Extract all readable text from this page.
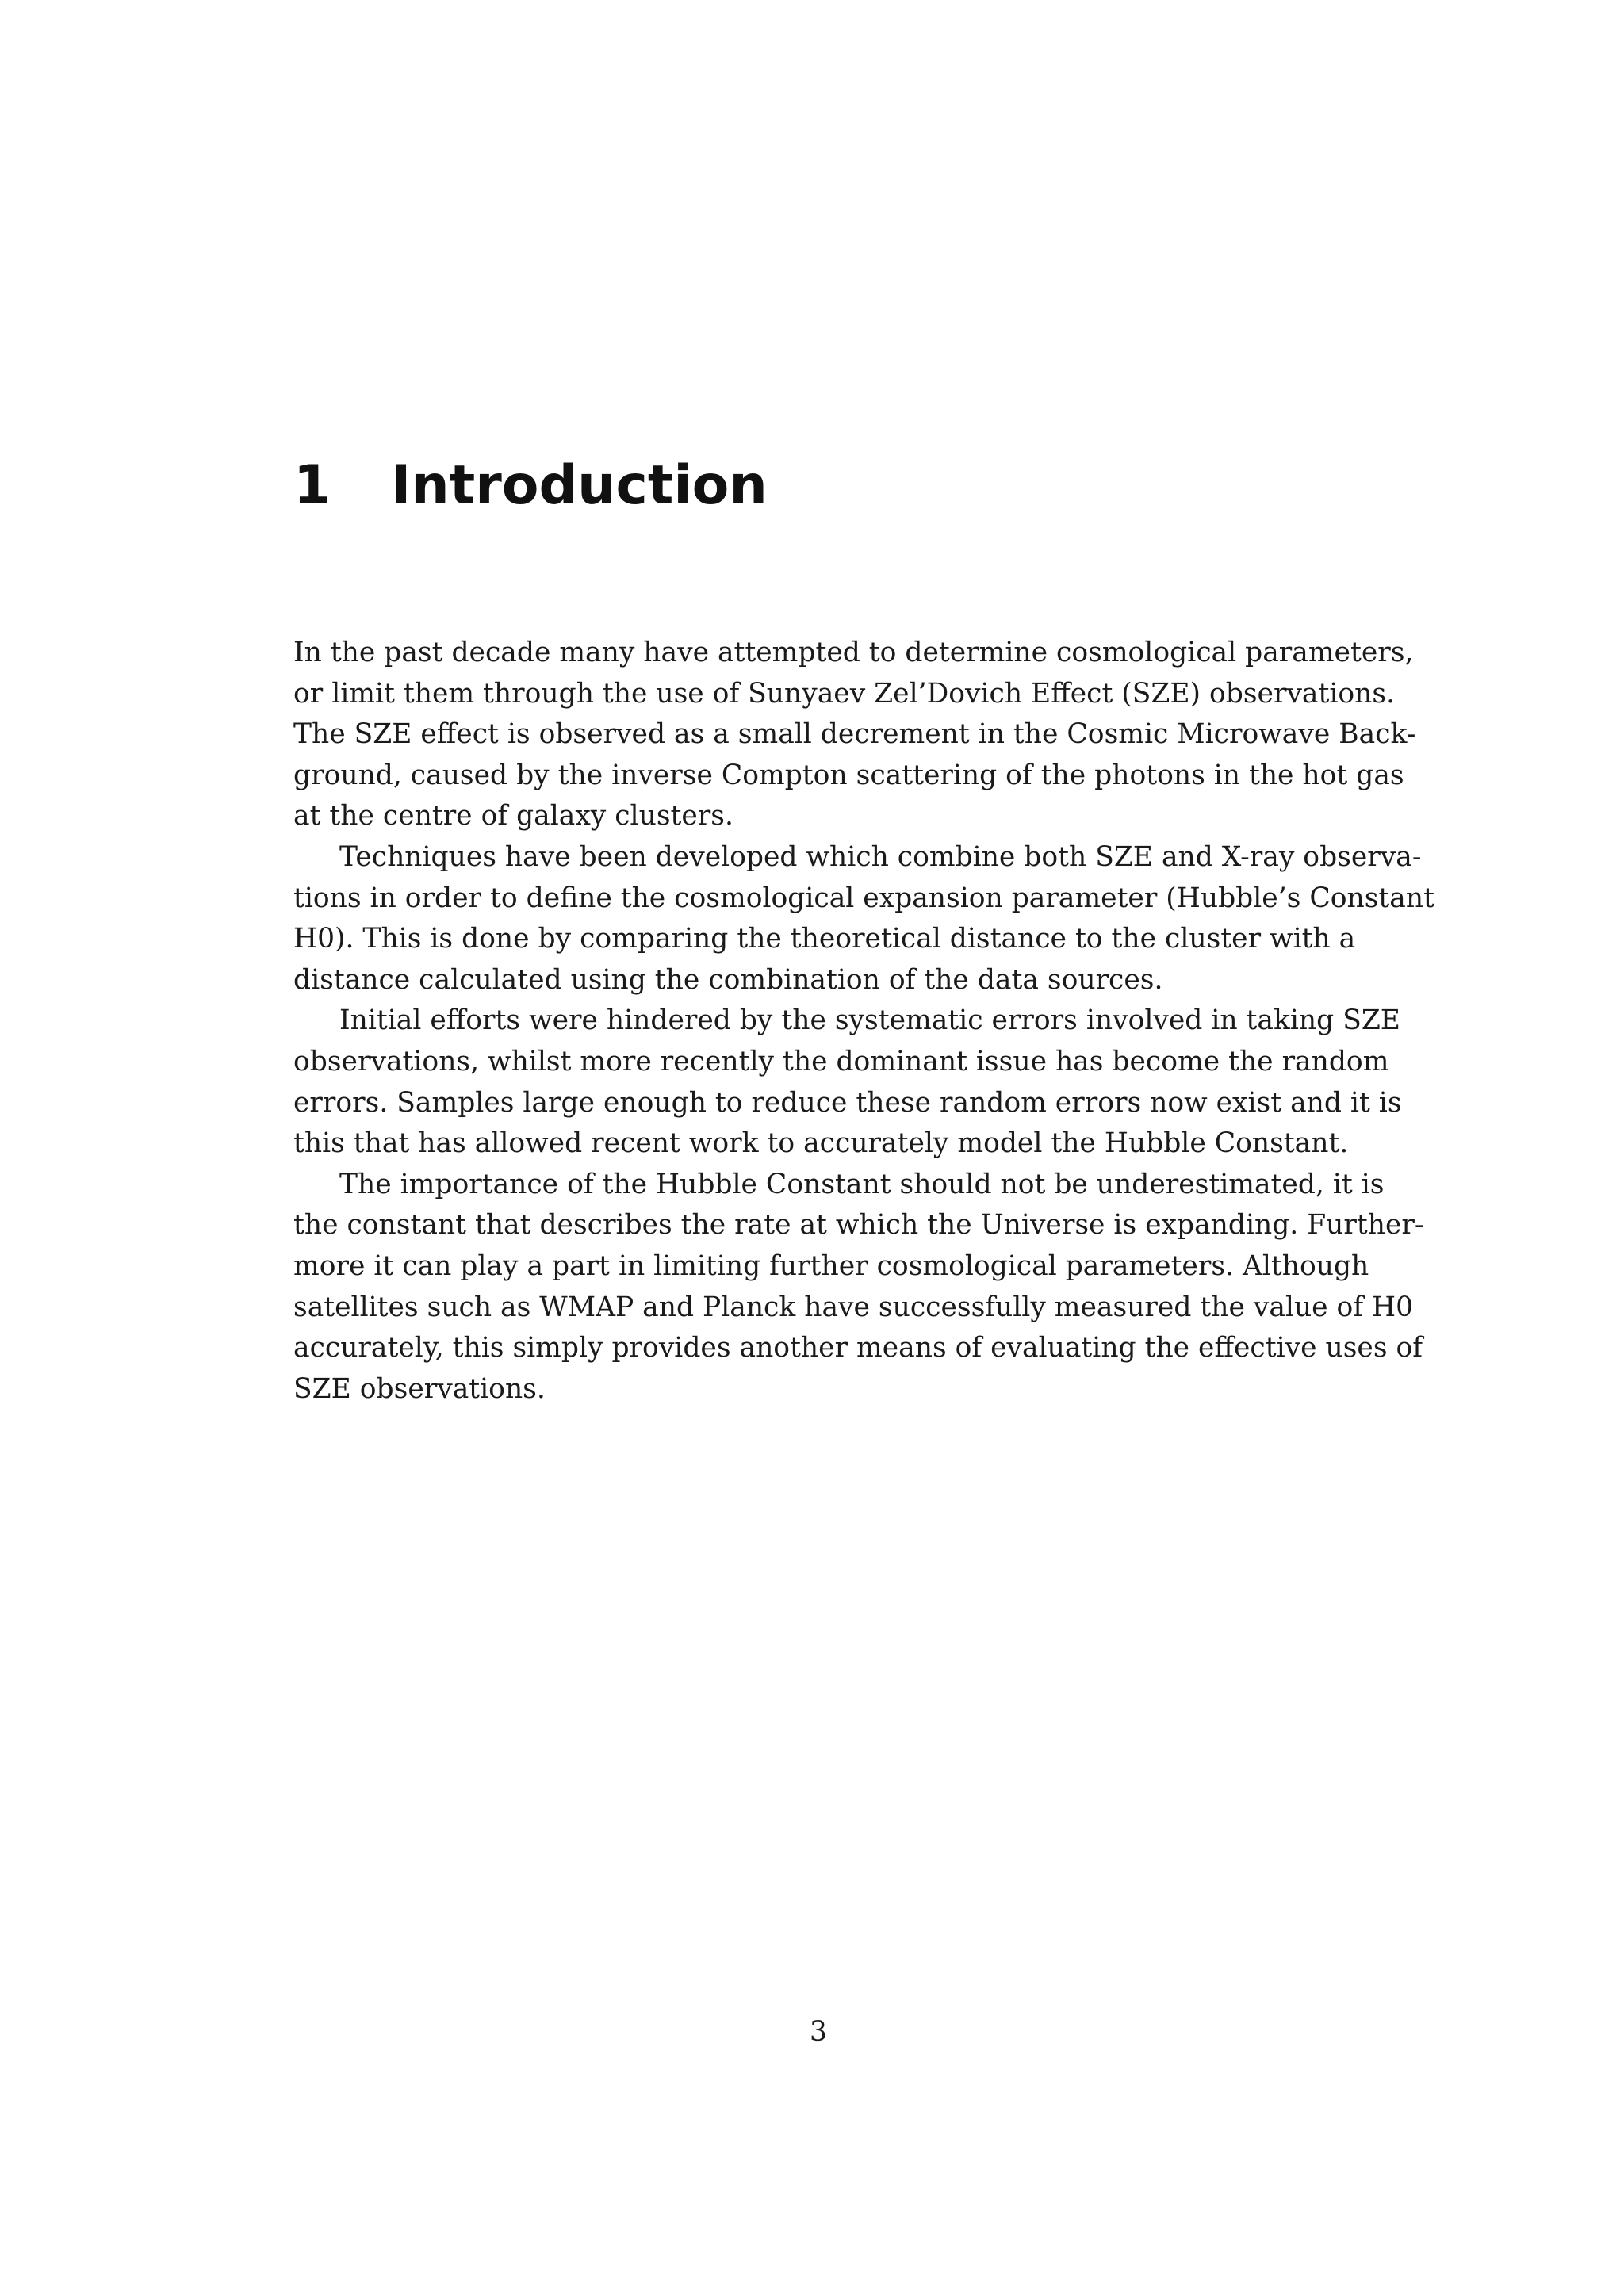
1 Introduction
In the past decade many have attempted to determine cosmological parameters,
or limit them through the use of Sunyaev Zel’Dovich Effect (SZE) observations.
The SZE effect is observed as a small decrement in the Cosmic Microwave Back-
ground, caused by the inverse Compton scattering of the photons in the hot gas
at the centre of galaxy clusters.
Techniques have been developed which combine both SZE and X-ray observa-
tions in order to define the cosmological expansion parameter (Hubble’s Constant
H0). This is done by comparing the theoretical distance to the cluster with a
distance calculated using the combination of the data sources.
Initial efforts were hindered by the systematic errors involved in taking SZE
observations, whilst more recently the dominant issue has become the random
errors. Samples large enough to reduce these random errors now exist and it is
this that has allowed recent work to accurately model the Hubble Constant.
The importance of the Hubble Constant should not be underestimated, it is
the constant that describes the rate at which the Universe is expanding. Further-
more it can play a part in limiting further cosmological parameters. Although
satellites such as WMAP and Planck have successfully measured the value of H0
accurately, this simply provides another means of evaluating the effective uses of
SZE observations.
3
